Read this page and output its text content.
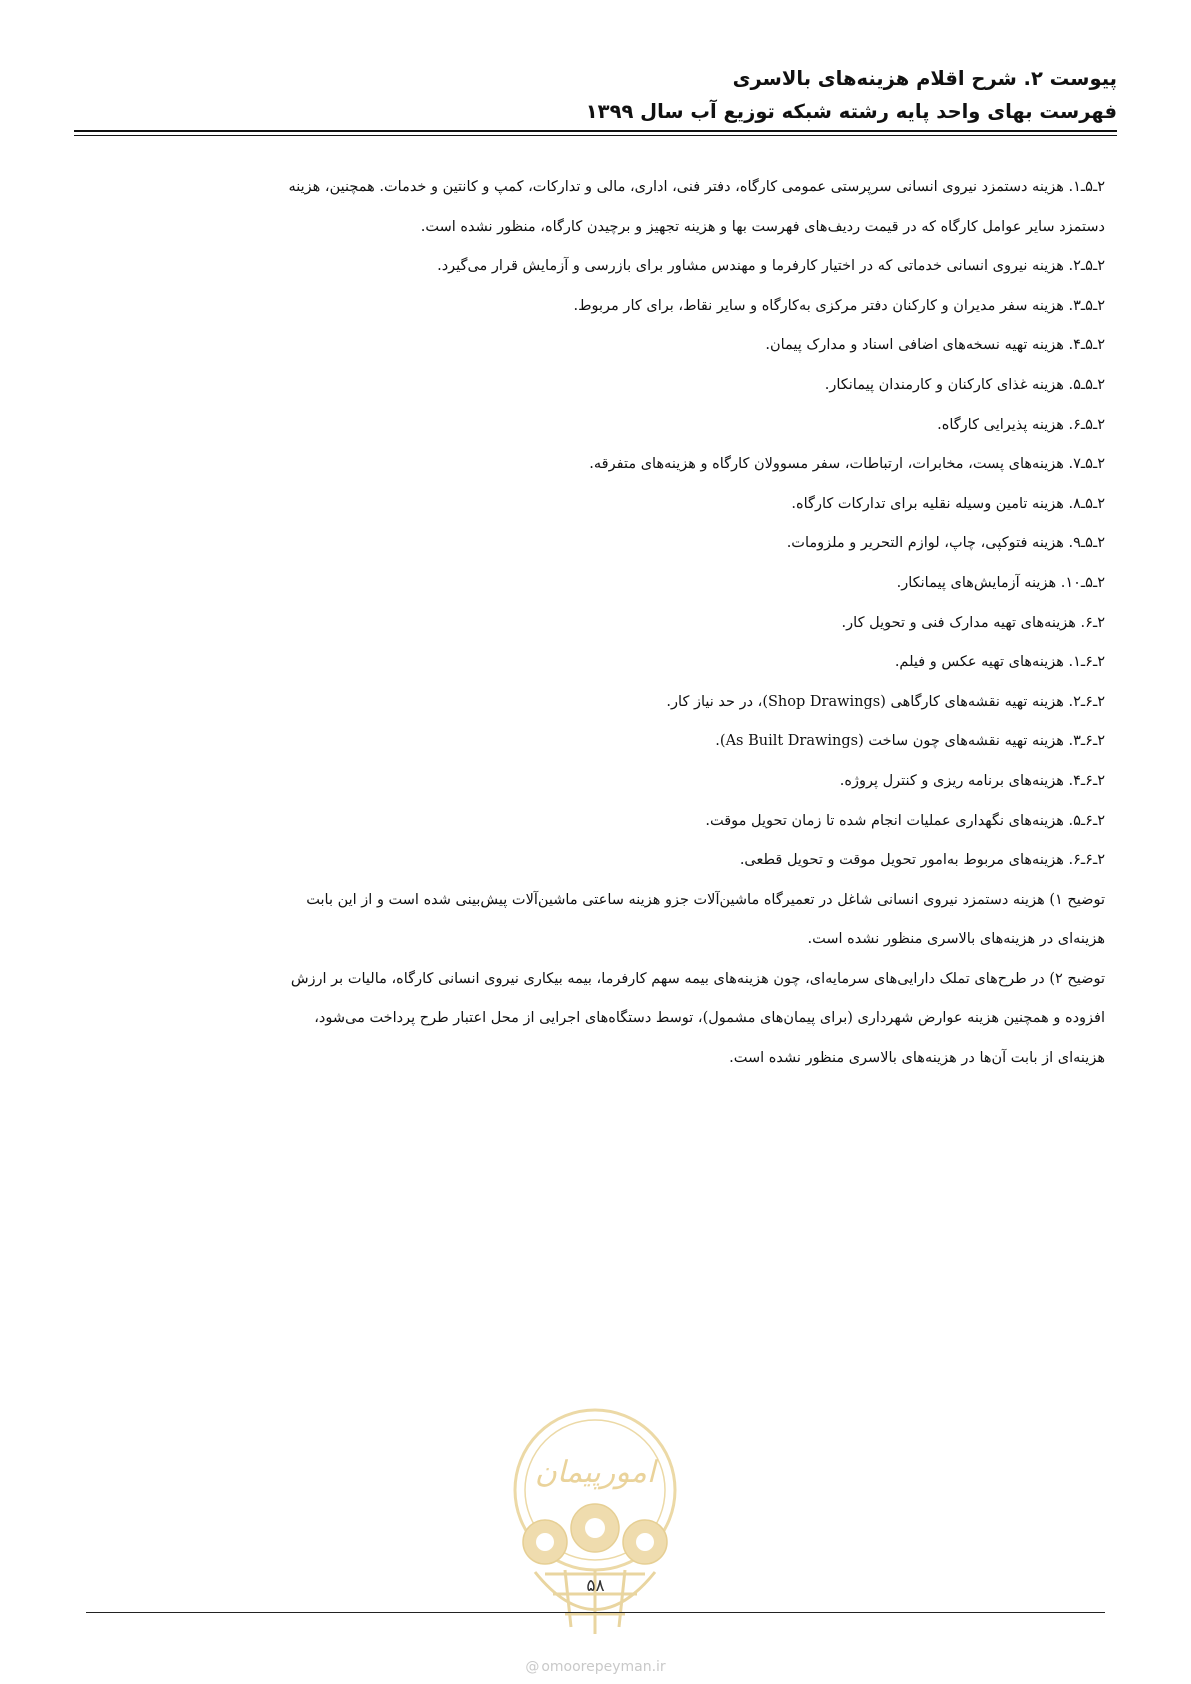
پیوست ۲. شرح اقلام هزینه‌های بالاسری
فهرست بهای واحد پایه رشته شبکه توزیع آب سال ۱۳۹۹

۲ـ۵ـ۱. هزینه دستمزد نیروی انسانی سرپرستی عمومی کارگاه، دفتر فنی، اداری، مالی و تدارکات، کمپ و کانتین و خدمات. همچنین، هزینه

دستمزد سایر عوامل کارگاه که در قیمت ردیف‌های فهرست بها و هزینه تجهیز و برچیدن کارگاه، منظور نشده است.

۲ـ۵ـ۲. هزینه نیروی انسانی خدماتی که در اختیار کارفرما و مهندس مشاور برای بازرسی و آزمایش قرار می‌گیرد.

۲ـ۵ـ۳. هزینه سفر مدیران و کارکنان دفتر مرکزی به‌کارگاه و سایر نقاط، برای کار مربوط.

۲ـ۵ـ۴. هزینه تهیه نسخه‌های اضافی اسناد و مدارک پیمان.

۲ـ۵ـ۵. هزینه غذای کارکنان و کارمندان پیمانکار.

۲ـ۵ـ۶. هزینه پذیرایی کارگاه.

۲ـ۵ـ۷. هزینه‌های پست، مخابرات، ارتباطات، سفر مسوولان کارگاه و هزینه‌های متفرقه.

۲ـ۵ـ۸. هزینه تامین وسیله نقلیه برای تدارکات کارگاه.

۲ـ۵ـ۹. هزینه فتوکپی، چاپ، لوازم التحریر و ملزومات.

۲ـ۵ـ۱۰. هزینه آزمایش‌های پیمانکار.

۲ـ۶. هزینه‌های تهیه مدارک فنی و تحویل کار.

۲ـ۶ـ۱. هزینه‌های تهیه عکس و فیلم.

۲ـ۶ـ۲. هزینه تهیه نقشه‌های کارگاهی (Shop Drawings)، در حد نیاز کار.

۲ـ۶ـ۳. هزینه تهیه نقشه‌های چون ساخت (As Built Drawings).

۲ـ۶ـ۴. هزینه‌های برنامه ریزی و کنترل پروژه.

۲ـ۶ـ۵. هزینه‌های نگهداری عملیات انجام شده تا زمان تحویل موقت.

۲ـ۶ـ۶. هزینه‌های مربوط به‌امور تحویل موقت و تحویل قطعی.

توضیح ۱) هزینه دستمزد نیروی انسانی شاغل در تعمیرگاه ماشین‌آلات جزو هزینه ساعتی ماشین‌آلات پیش‌بینی شده است و از این بابت

هزینه‌ای در هزینه‌های بالاسری منظور نشده است.

توضیح ۲) در طرح‌های تملک دارایی‌های سرمایه‌ای، چون هزینه‌های بیمه سهم کارفرما، بیمه بیکاری نیروی انسانی کارگاه، مالیات بر ارزش

افزوده و همچنین هزینه عوارض شهرداری (برای پیمان‌های مشمول)، توسط دستگاه‌های اجرایی از محل اعتبار طرح پرداخت می‌شود،

هزینه‌ای از بابت آن‌ها در هزینه‌های بالاسری منظور نشده است.

امورپیمان
۵۸
@ omoorepeyman.ir
